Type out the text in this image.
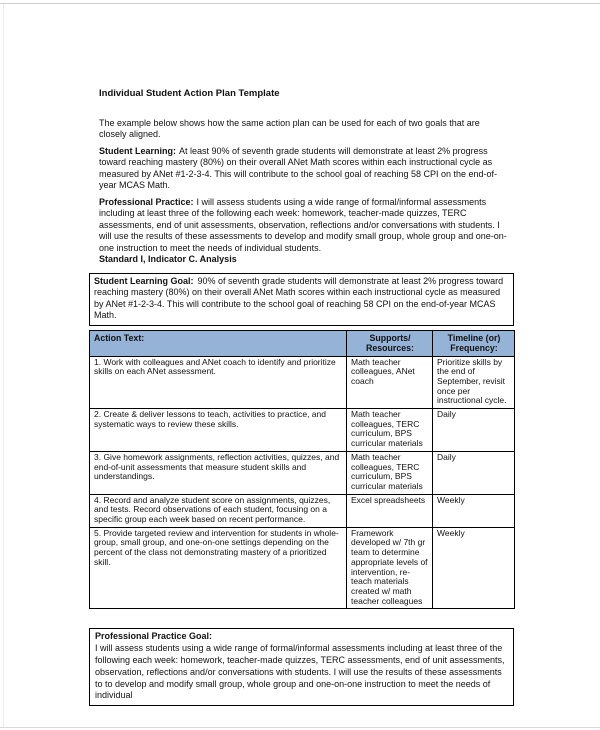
Individual Student Action Plan Template

The example below shows how the same action plan can be used for each of two goals that are closely aligned.

Student Learning: At least 90% of seventh grade students will demonstrate at least 2% progress toward reaching mastery (80%) on their overall ANet Math scores within each instructional cycle as measured by ANet #1-2-3-4. This will contribute to the school goal of reaching 58 CPI on the end-of-year MCAS Math.

Professional Practice: I will assess students using a wide range of formal/informal assessments including at least three of the following each week: homework, teacher-made quizzes, TERC assessments, end of unit assessments, observation, reflections and/or conversations with students. I will use the results of these assessments to develop and modify small group, whole group and one-on-one instruction to meet the needs of individual students.
Standard I, Indicator C. Analysis
Student Learning Goal: 90% of seventh grade students will demonstrate at least 2% progress toward reaching mastery (80%) on their overall ANet Math scores within each instructional cycle as measured by ANet #1-2-3-4. This will contribute to the school goal of reaching 58 CPI on the end-of-year MCAS Math.
Action Text:	Supports/ Resources:	Timeline (or) Frequency:
1. Work with colleagues and ANet coach to identify and prioritize skills on each ANet assessment.	Math teacher colleagues, ANet coach	Prioritize skills by the end of September, revisit once per instructional cycle.
2. Create & deliver lessons to teach, activities to practice, and systematic ways to review these skills.	Math teacher colleagues, TERC curriculum, BPS curricular materials	Daily
3. Give homework assignments, reflection activities, quizzes, and end-of-unit assessments that measure student skills and understandings.	Math teacher colleagues, TERC curriculum, BPS curricular materials	Daily
4. Record and analyze student score on assignments, quizzes, and tests. Record observations of each student, focusing on a specific group each week based on recent performance.	Excel spreadsheets	Weekly
5. Provide targeted review and intervention for students in whole-group, small group, and one-on-one settings depending on the percent of the class not demonstrating mastery of a prioritized skill.	Framework developed w/ 7th gr team to determine appropriate levels of intervention, re-teach materials created w/ math teacher colleagues	Weekly
Professional Practice Goal:
I will assess students using a wide range of formal/informal assessments including at least three of the following each week: homework, teacher-made quizzes, TERC assessments, end of unit assessments, observation, reflections and/or conversations with students. I will use the results of these assessments to to develop and modify small group, whole group and one-on-one instruction to meet the needs of individual
